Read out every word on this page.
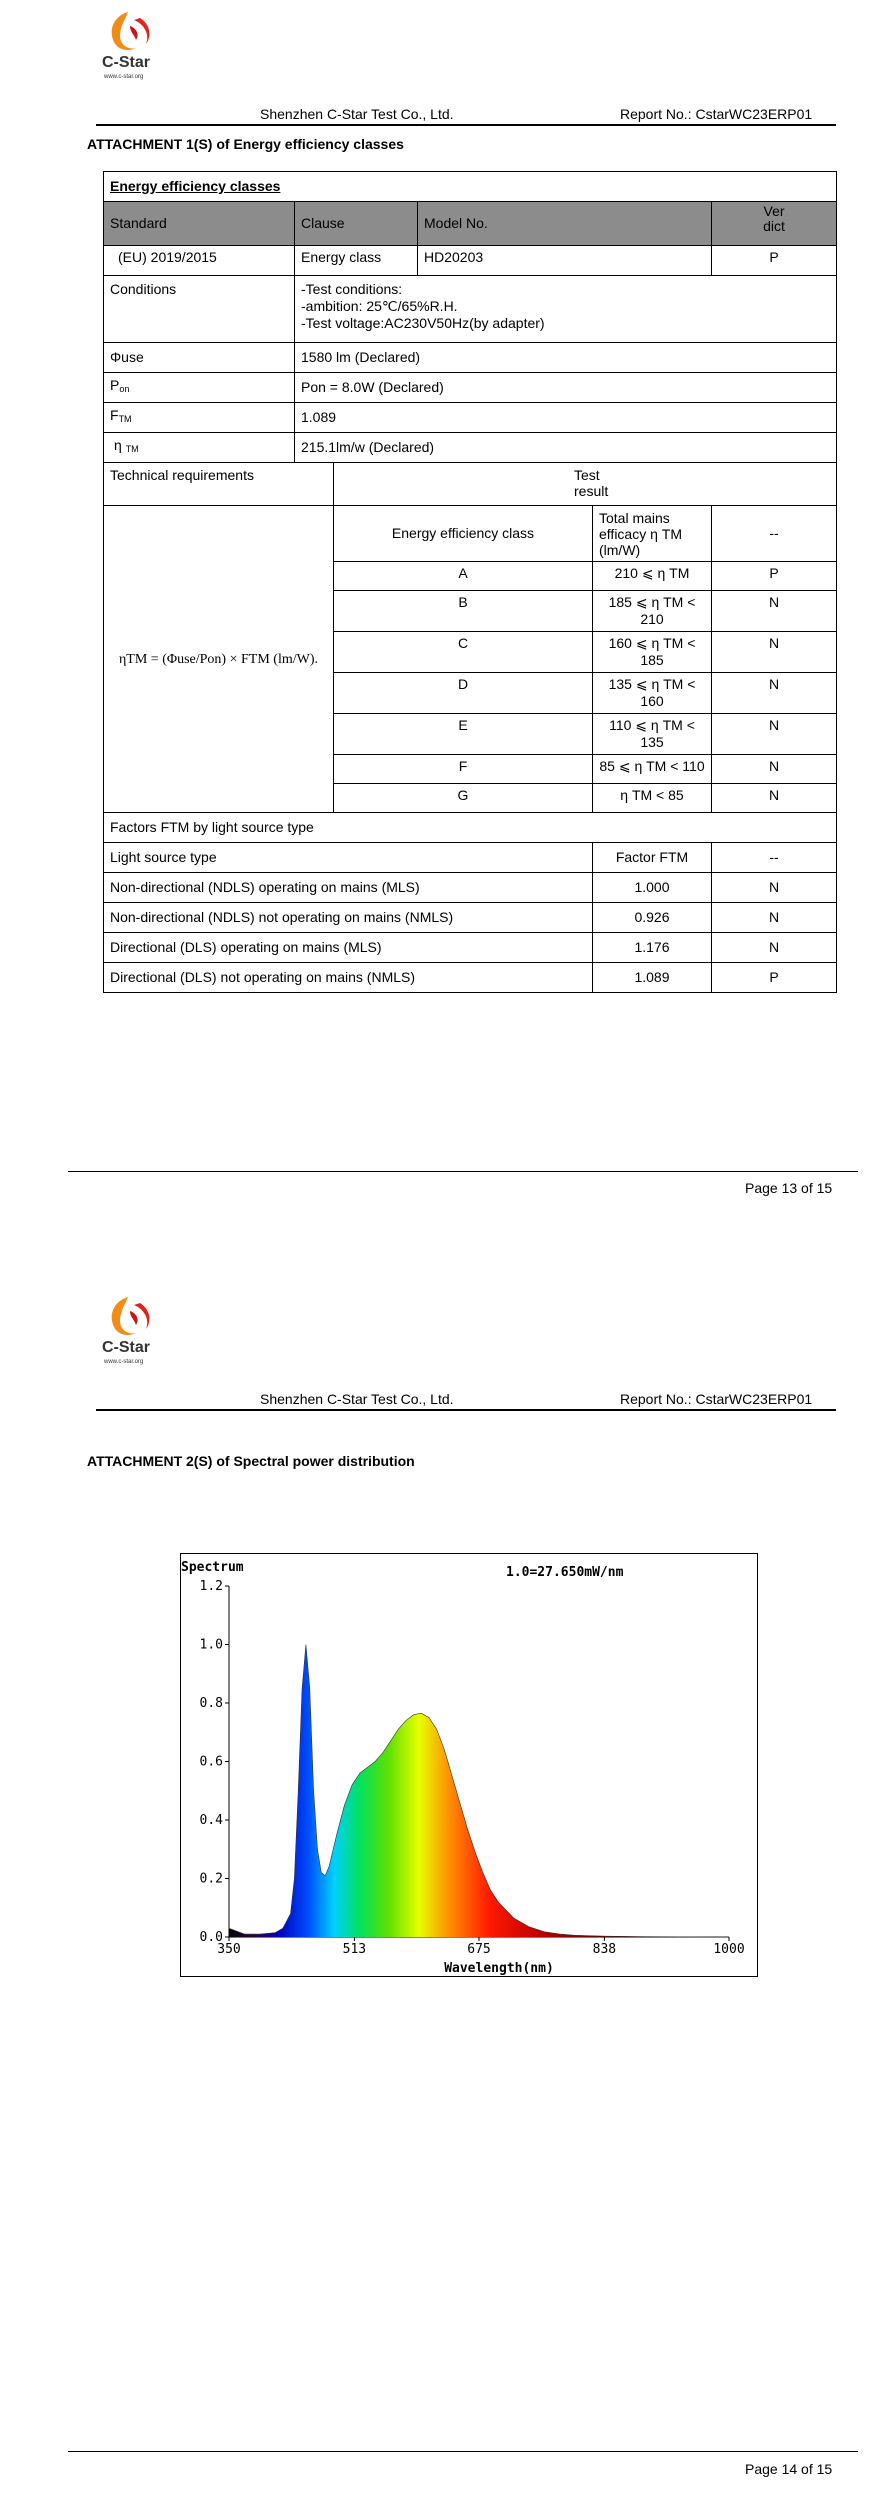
C-Star
www.c-star.org
Shenzhen C-Star Test Co., Ltd.	Report No.: CstarWC23ERP01
ATTACHMENT 1(S) of Energy efficiency classes
Energy efficiency classes					
Standard	Clause		Model No.		Ver dict
(EU) 2019/2015	Energy class		HD20203		P
Conditions	-Test conditions:
-ambition: 25℃/65%R.H.
-Test voltage:AC230V50Hz(by adapter)				

Φuse	1580 lm (Declared)				
$P_{on}$	Pon = 8.0W (Declared)				
$F_{TM}$	1.089				
η $_{TM}$	215.1lm/w (Declared)				
Technical requirements		Test result			
ηTM = (Φuse/Pon) × FTM (lm/W).		Energy efficiency class		Total mains efficacy η TM (lm/W)	--
		A		210 ⩽ η TM	P
		B		185 ⩽ η TM < 210	N
		C		160 ⩽ η TM < 185	N
		D		135 ⩽ η TM < 160	N
		E		110 ⩽ η TM < 135	N
		F		85 ⩽ η TM < 110	N
		G		η TM < 85	N
Factors FTM by light source type					
Light source type				Factor FTM	--
Non-directional (NDLS) operating on mains (MLS)				1.000	N
Non-directional (NDLS) not operating on mains (NMLS)				0.926	N
Directional (DLS) operating on mains (MLS)				1.176	N
Directional (DLS) not operating on mains (NMLS)				1.089	P
Page 13 of 15
C-Star
www.c-star.org
Shenzhen C-Star Test Co., Ltd.	Report No.: CstarWC23ERP01
ATTACHMENT 2(S) of Spectral power distribution
Page 14 of 15
Spectrum	1.0=27.650mW/nm
Wavelength(nm)
0.0
0.2
0.4
0.6
0.8
1.0
1.2
350	513	675	838	1000
